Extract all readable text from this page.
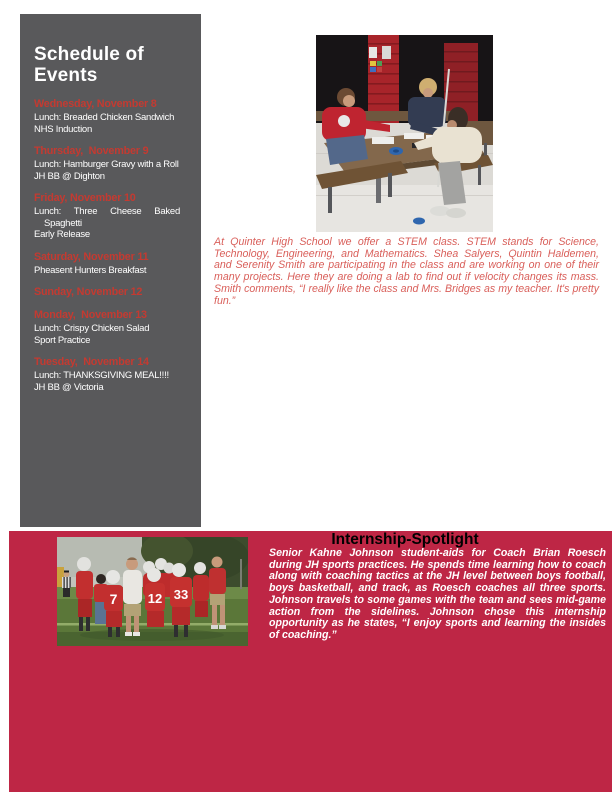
Schedule of Events
Wednesday, November 8
Lunch: Breaded Chicken Sandwich
NHS Induction
Thursday,  November 9
Lunch: Hamburger Gravy with a Roll
JH BB @ Dighton
Friday, November 10
Lunch: Three Cheese Baked Spaghetti
Early Release
Saturday, November 11
Pheasent Hunters Breakfast
Sunday, November 12
Monday,  November 13
Lunch: Crispy Chicken Salad
Sport Practice
Tuesday,  November 14
Lunch: THANKSGIVING MEAL!!!!
JH BB @ Victoria
At Quinter High School we offer a STEM class. STEM stands for Science, Technology, Engineering, and Mathematics. Shea Salyers, Quintin Haldemen, and Serenity Smith are participating in the class and are working on one of their many projects. Here they are doing a lab to find out if velocity changes its mass. Smith comments, “I really like the class and Mrs. Bridges as my teacher. It's pretty fun.”
Internship-Spotlight
Senior Kahne Johnson student-aids for Coach Brian Roesch during JH sports practices. He spends time learning how to coach along with coaching tactics at the JH level between boys football, boys basketball, and track, as Roesch coaches all three sports. Johnson travels to some games with the team and sees mid-game action from the sidelines. Johnson chose this internship opportunity as he states, “I enjoy sports and learning the insides of coaching.”
7 12 33
